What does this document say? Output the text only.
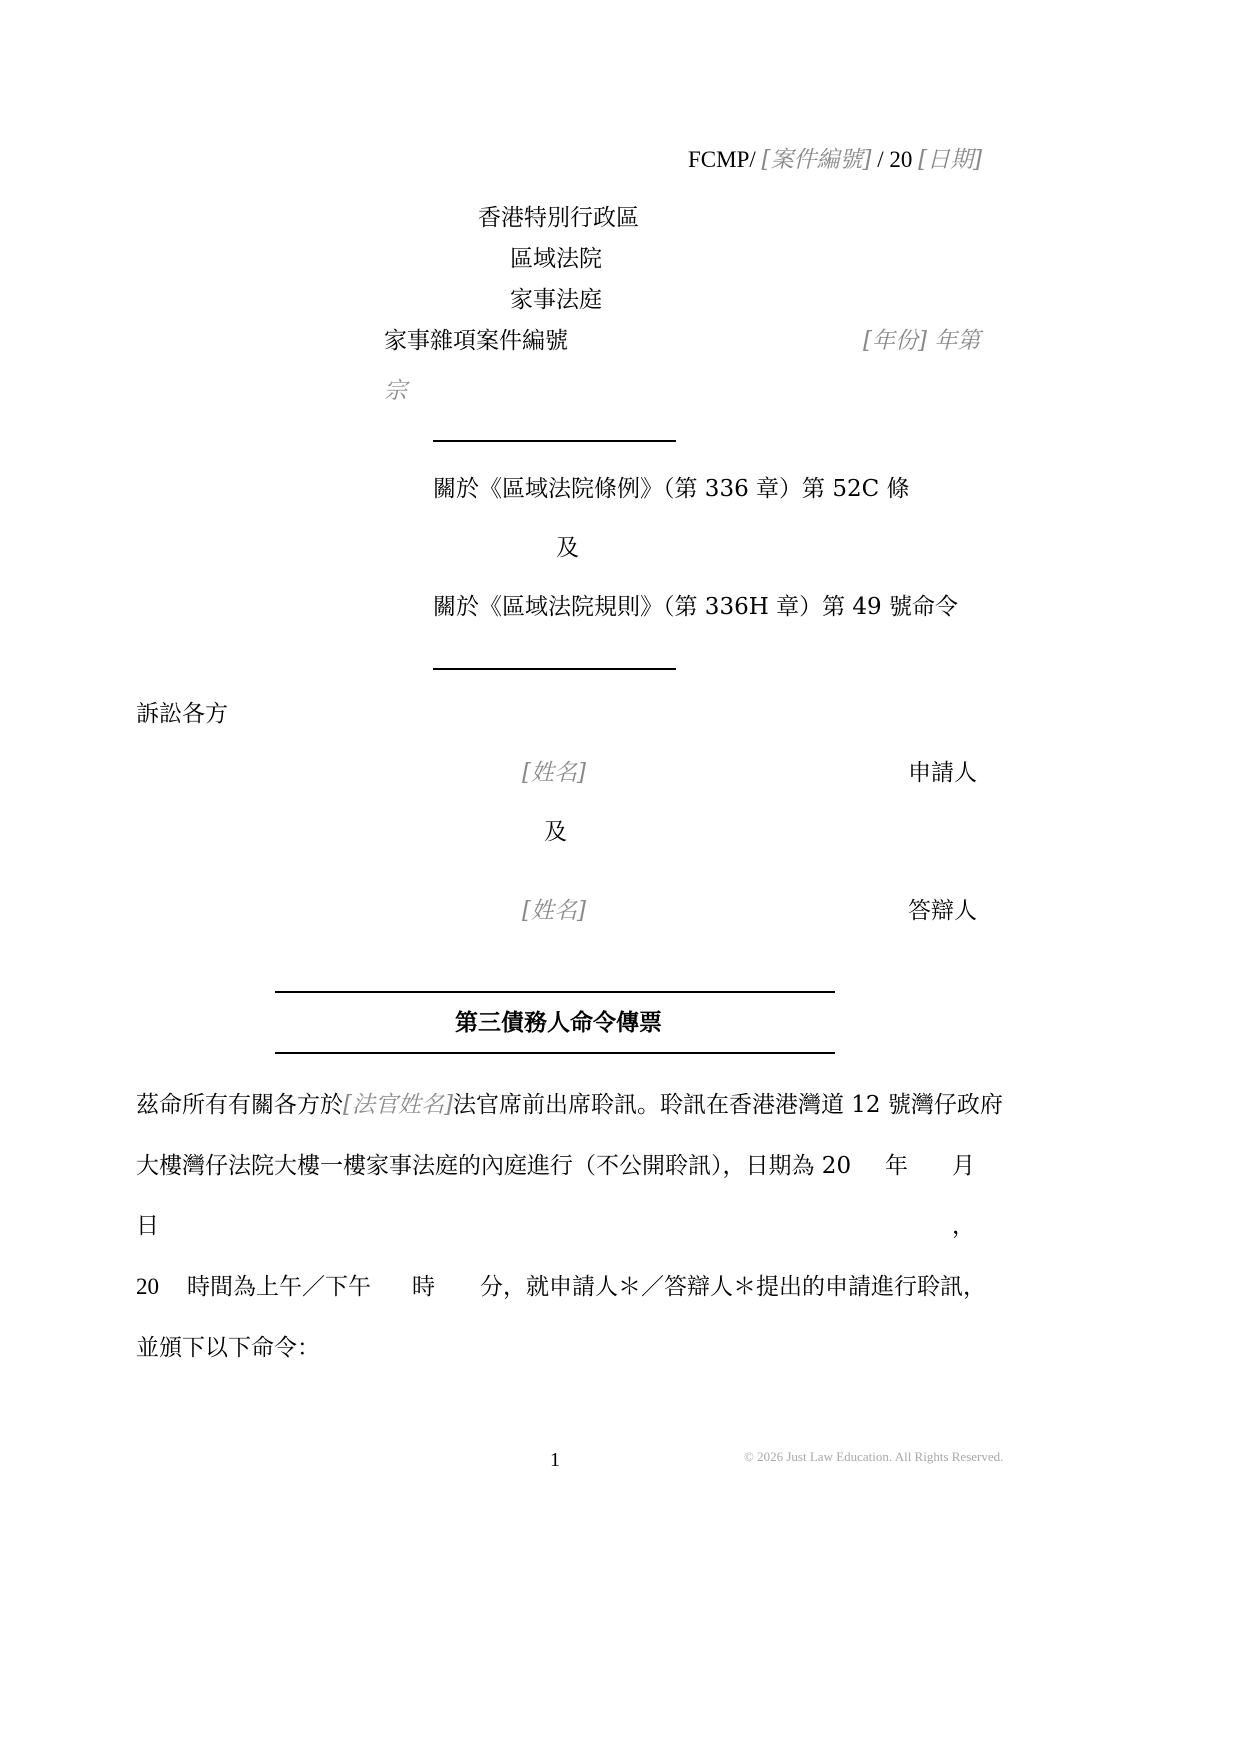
FCMP/ [案件編號] / 20 [日期]
香港特別行政區
區域法院
家事法庭
家事雜項案件編號	[年份] 年第
宗
關於《區域法院條例》（第 336 章）第 52C 條
及
關於《區域法院規則》（第 336H 章）第 49 號命令
訴訟各方
[姓名]	申請人
及
[姓名]	答辯人
第三債務人命令傳票
茲命所有有關各方於[法官姓名]法官席前出席聆訊。聆訊在香港港灣道 12 號灣仔政府
大樓灣仔法院大樓一樓家事法庭的內庭進行（不公開聆訊），日期為 20 年 月
日	，
20 時間為上午／下午 時 分，就申請人＊／答辯人＊提出的申請進行聆訊，
並頒下以下命令：
1	© 2026 Just Law Education. All Rights Reserved.
